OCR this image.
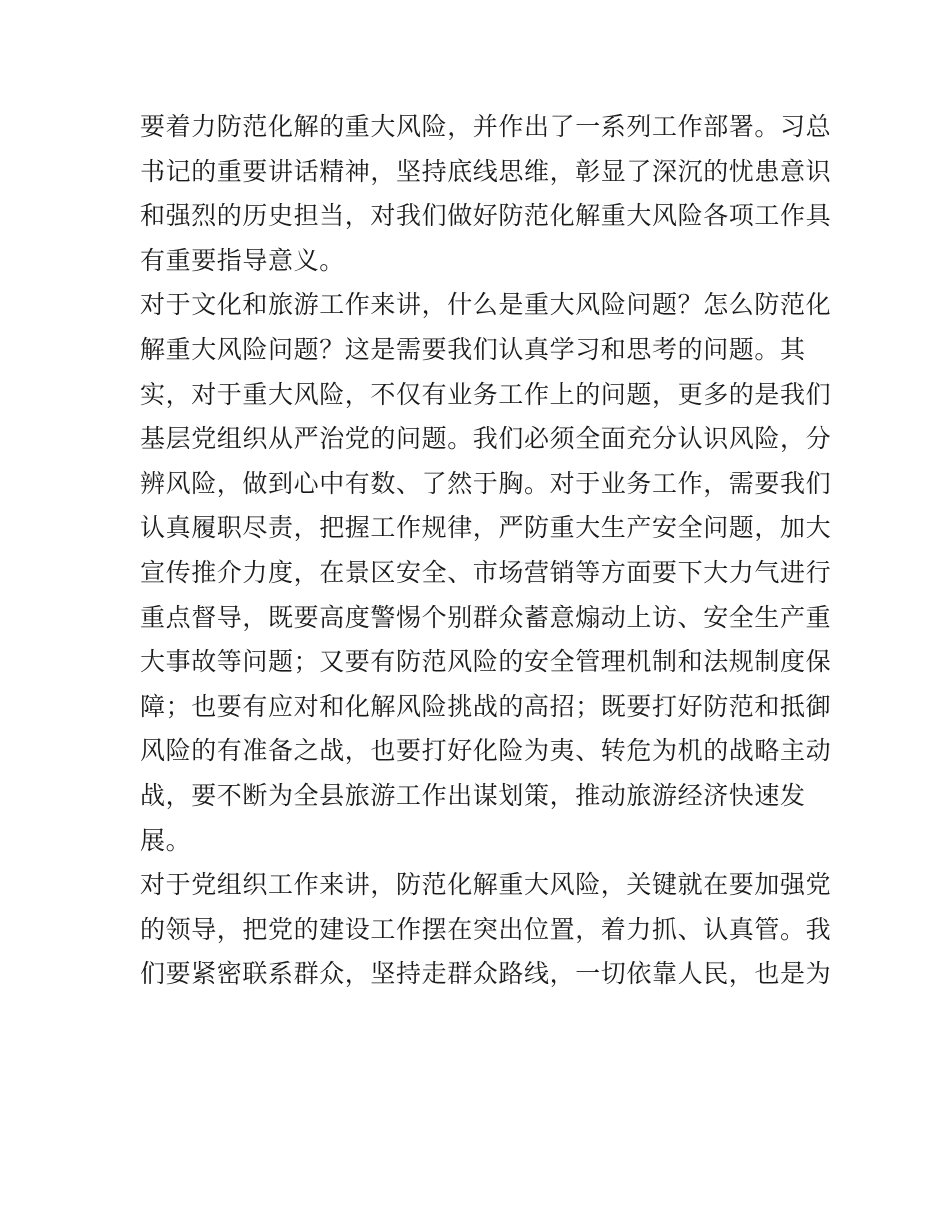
要着力防范化解的重大风险，并作出了一系列工作部署。习总
书记的重要讲话精神，坚持底线思维，彰显了深沉的忧患意识
和强烈的历史担当，对我们做好防范化解重大风险各项工作具
有重要指导意义。
对于文化和旅游工作来讲，什么是重大风险问题？怎么防范化
解重大风险问题？这是需要我们认真学习和思考的问题。其
实，对于重大风险，不仅有业务工作上的问题，更多的是我们
基层党组织从严治党的问题。我们必须全面充分认识风险，分
辨风险，做到心中有数、了然于胸。对于业务工作，需要我们
认真履职尽责，把握工作规律，严防重大生产安全问题，加大
宣传推介力度，在景区安全、市场营销等方面要下大力气进行
重点督导，既要高度警惕个别群众蓄意煽动上访、安全生产重
大事故等问题；又要有防范风险的安全管理机制和法规制度保
障；也要有应对和化解风险挑战的高招；既要打好防范和抵御
风险的有准备之战，也要打好化险为夷、转危为机的战略主动
战，要不断为全县旅游工作出谋划策，推动旅游经济快速发
展。
对于党组织工作来讲，防范化解重大风险，关键就在要加强党
的领导，把党的建设工作摆在突出位置，着力抓、认真管。我
们要紧密联系群众，坚持走群众路线，一切依靠人民，也是为
